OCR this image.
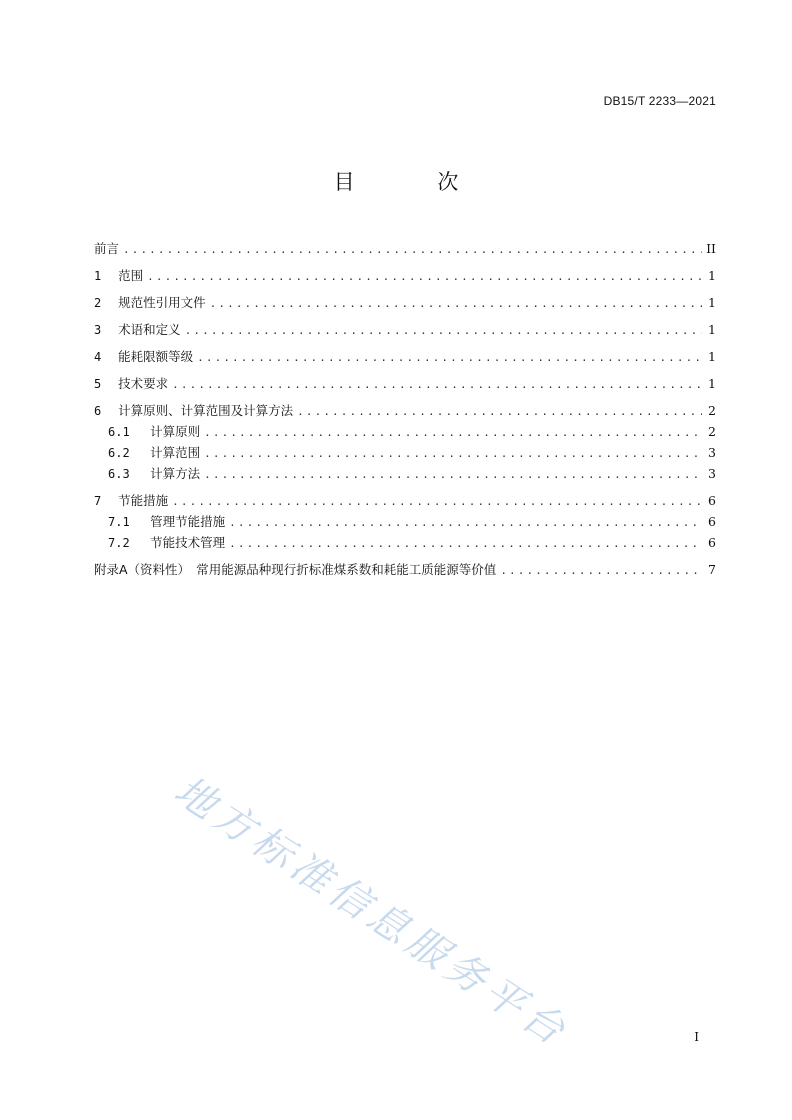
DB15/T 2233—2021
目 次
前言 .....	II
1 范围 .....	1
2 规范性引用文件 .....	1
3 术语和定义 .....	1
4 能耗限额等级 .....	1
5 技术要求 .....	1
6 计算原则、计算范围及计算方法 .....	2
6.1 计算原则 .....	2
6.2 计算范围 .....	3
6.3 计算方法 .....	3
7 节能措施 .....	6
7.1 管理节能措施 .....	6
7.2 节能技术管理 .....	6
附录A（资料性）　常用能源品种现行折标准煤系数和耗能工质能源等价值 .....	7
地方标准信息服务平台	I
